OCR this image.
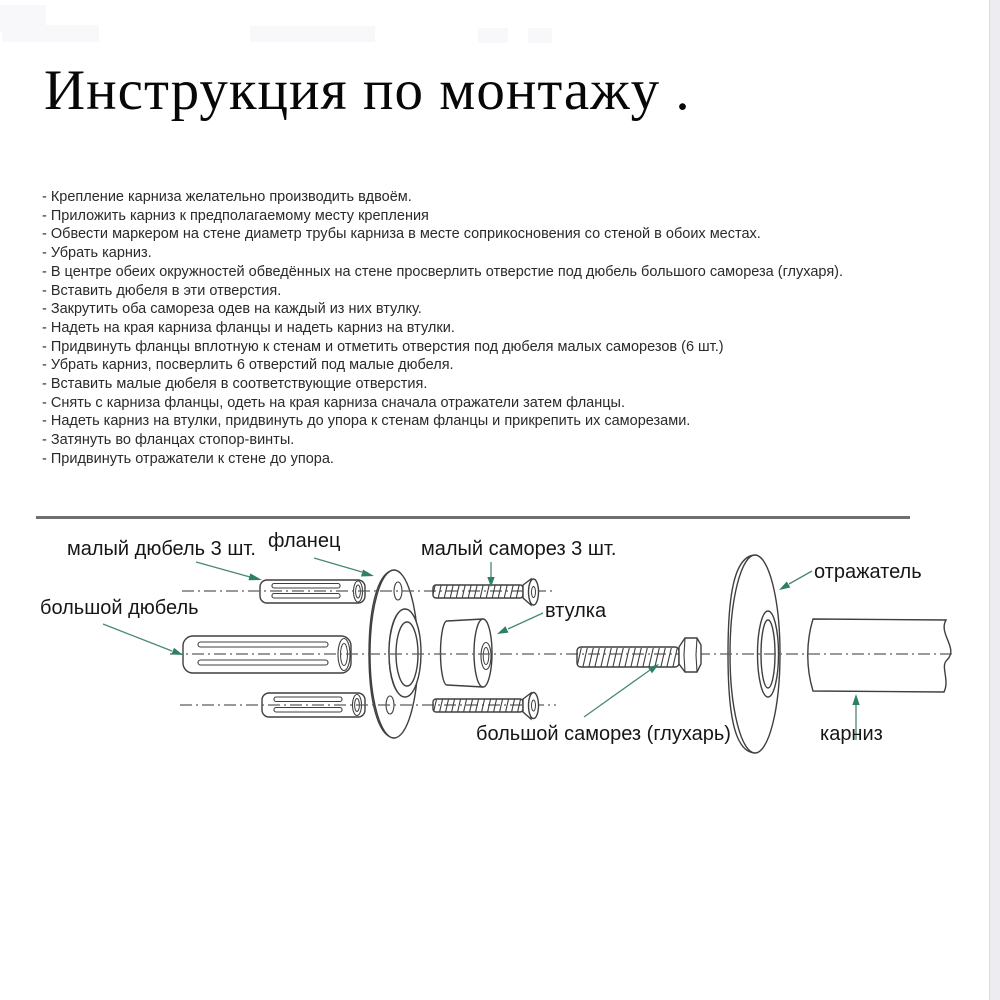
Инструкция по монтажу .
- Крепление карниза желательно производить вдвоём.
- Приложить карниз к предполагаемому месту крепления
- Обвести маркером на стене диаметр трубы карниза в месте соприкосновения со стеной в обоих местах.
- Убрать карниз.
- В центре обеих окружностей обведённых на стене просверлить отверстие под дюбель большого самореза (глухаря).
- Вставить дюбеля в эти отверстия.
- Закрутить оба самореза одев на каждый из них втулку.
- Надеть на края карниза фланцы и надеть карниз на втулки.
- Придвинуть фланцы вплотную к стенам и отметить отверстия под дюбеля малых саморезов (6 шт.)
- Убрать карниз, посверлить 6 отверстий под малые дюбеля.
- Вставить малые дюбеля в соответствующие отверстия.
- Снять с карниза фланцы, одеть на края карниза сначала отражатели затем фланцы.
- Надеть карниз на втулки, придвинуть до упора к стенам фланцы и прикрепить их саморезами.
- Затянуть во фланцах стопор-винты.
- Придвинуть отражатели к стене до упора.
малый дюбель 3 шт. фланец	малый саморез 3 шт.
большой дюбель	втулка
отражатель
большой саморез (глухарь)	карниз
